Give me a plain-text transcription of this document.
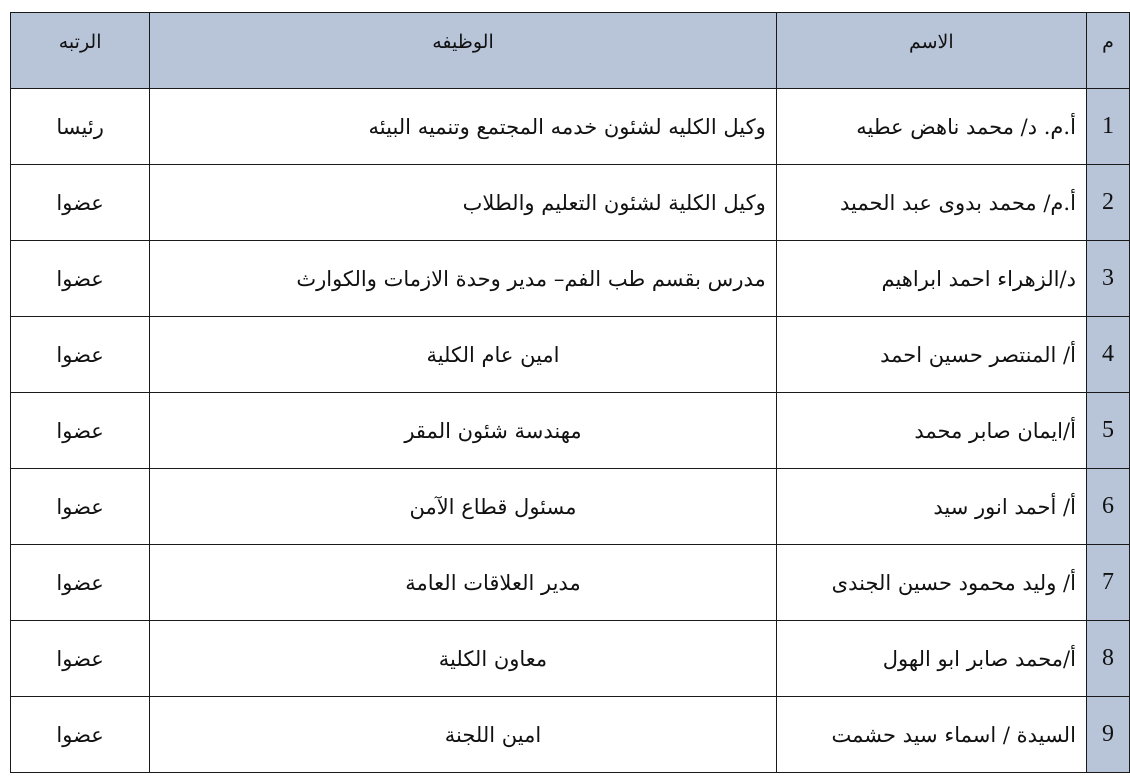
م	الاسم	الوظيفه	الرتبه
1	أ.م. د/ محمد ناهض عطيه	وكيل الكليه لشئون خدمه المجتمع وتنميه البيئه	رئيسا
2	أ.م/ محمد بدوى عبد الحميد	وكيل الكلية لشئون التعليم والطلاب	عضوا
3	د/الزهراء احمد ابراهيم	مدرس بقسم طب الفم– مدير وحدة الازمات والكوارث	عضوا
4	أ/ المنتصر حسين احمد	امين عام الكلية	عضوا
5	أ/ايمان صابر محمد	مهندسة شئون المقر	عضوا
6	أ/ أحمد انور سيد	مسئول قطاع الآمن	عضوا
7	أ/ وليد محمود حسين الجندى	مدير العلاقات العامة	عضوا
8	أ/محمد صابر ابو الهول	معاون الكلية	عضوا
9	السيدة / اسماء سيد حشمت	امين اللجنة	عضوا
